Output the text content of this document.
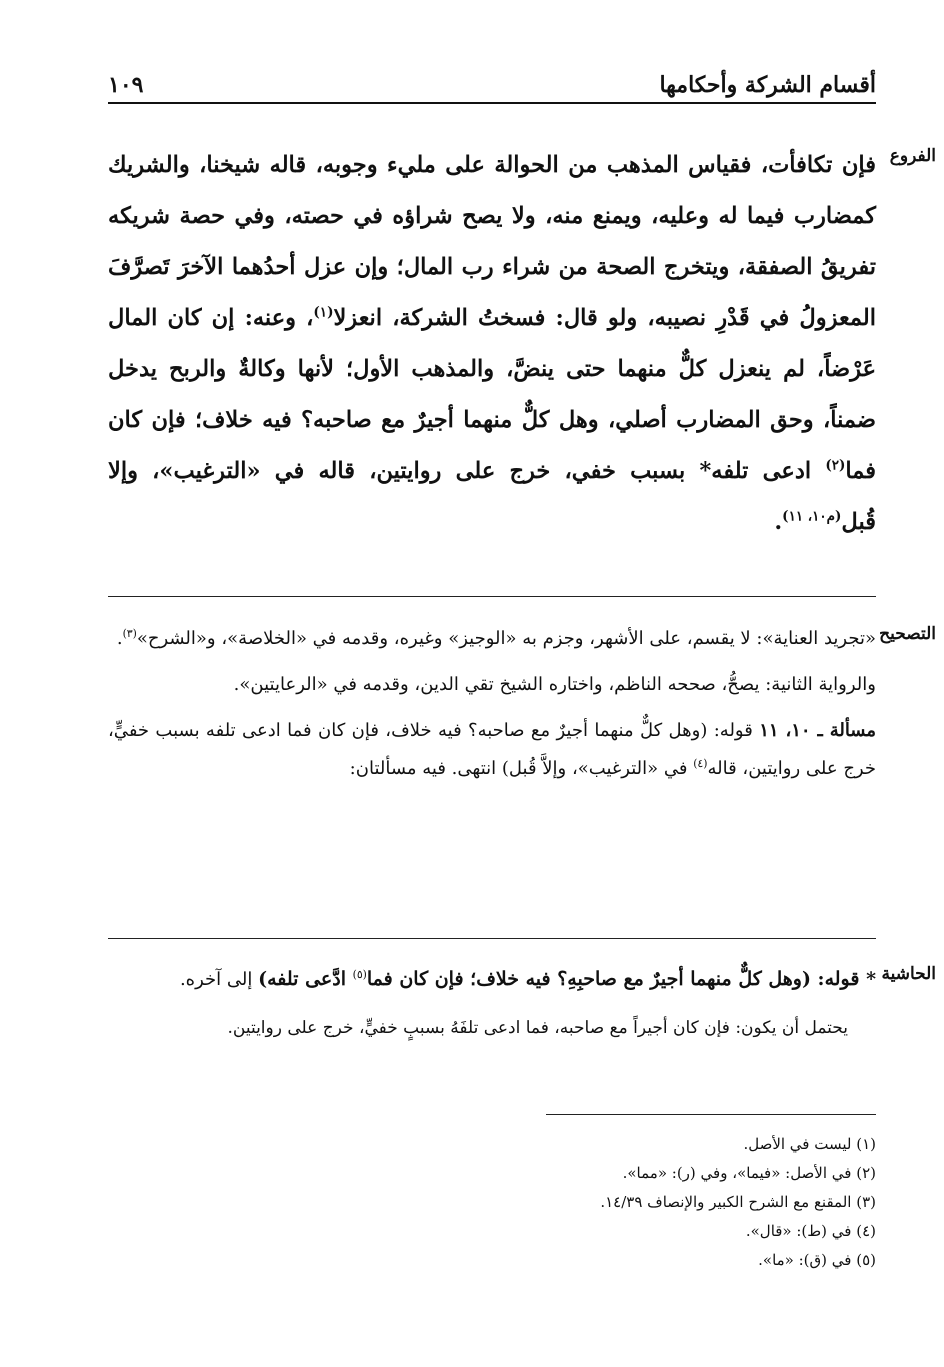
أقسام الشركة وأحكامها
١٠٩
الفروع
فإن تكافأت، فقياس المذهب من الحوالة على مليء وجوبه، قاله شيخنا، والشريك كمضارب فيما له وعليه، ويمنع منه، ولا يصح شراؤه في حصته، وفي حصة شريكه تفريقُ الصفقة، ويتخرج الصحة من شراء رب المال؛ وإن عزل أحدُهما الآخرَ تَصرَّفَ المعزولُ في قَدْرِ نصيبه، ولو قال: فسختُ الشركة، انعزلا$^{(١)}$، وعنه: إن كان المال عَرْضاً، لم ينعزل كلٌّ منهما حتى ينضَّ، والمذهب الأول؛ لأنها وكالةٌ والربح يدخل ضمناً، وحق المضارب أصلي، وهل كلٌّ منهما أجيرٌ مع صاحبه؟ فيه خلاف؛ فإن كان فما$^{(٢)}$ ادعى تلفه* بسبب خفي، خرج على روايتين، قاله في «الترغيب»، وإلا قُبل$^{(م١٠، ١١)}$.
التصحيح

«تجريد العناية»: لا يقسم، على الأشهر، وجزم به «الوجيز» وغيره، وقدمه في «الخلاصة»، و«الشرح»$^{(٣)}$.

والرواية الثانية: يصحُّ، صححه الناظم، واختاره الشيخ تقي الدين، وقدمه في «الرعايتين».

مسألة ـ ١٠، ١١ قوله: (وهل كلٌّ منهما أجيرٌ مع صاحبه؟ فيه خلاف، فإن كان فما ادعى تلفه بسبب خفيٍّ، خرج على روايتين، قاله$^{(٤)}$ في «الترغيب»، وإلاَّ قُبل) انتهى. فيه مسألتان:

الحاشية

* قوله: (وهل كلٌّ منهما أجيرٌ مع صاحبِهِ؟ فيه خلاف؛ فإن كان فما$^{(٥)}$ ادَّعى تلفه) إلى آخره.

يحتمل أن يكون: فإن كان أجيراً مع صاحبه، فما ادعى تلفَهُ بسببٍ خفيٍّ، خرج على روايتين.

(١) ليست في الأصل.
(٢) في الأصل: «فيما»، وفي (ر): «مما».
(٣) المقنع مع الشرح الكبير والإنصاف ١٤/٣٩.
(٤) في (ط): «قال».
(٥) في (ق): «ما».
